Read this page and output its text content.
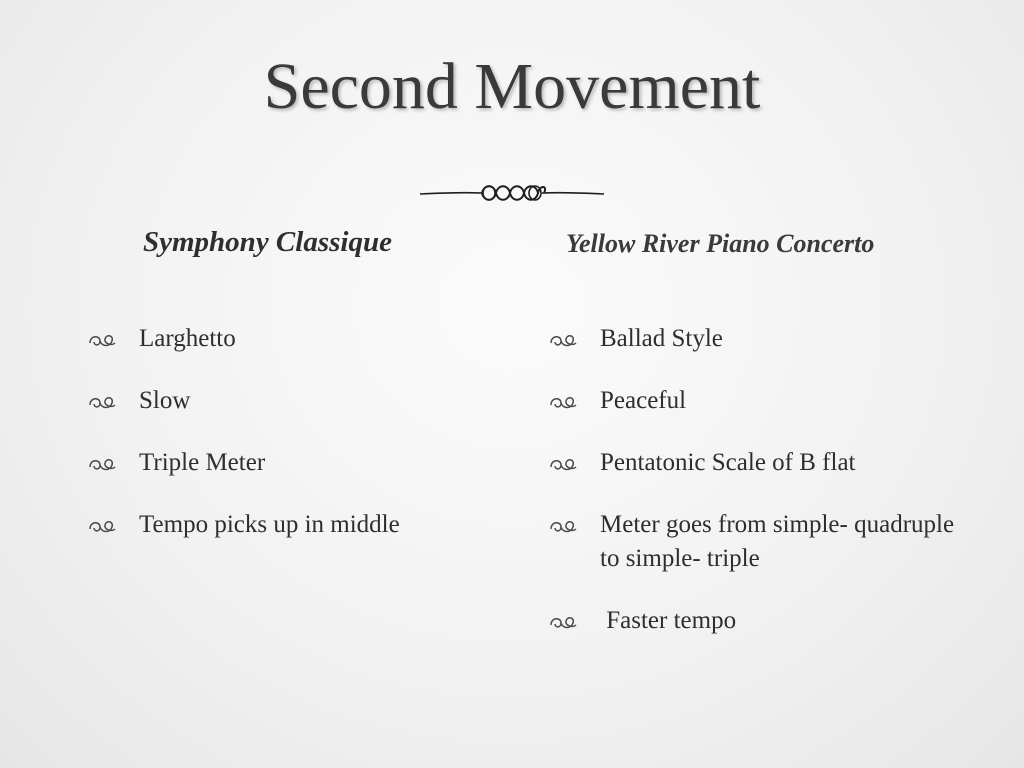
Second Movement
Symphony Classique	Yellow River Piano Concerto
Larghetto
Slow
Triple Meter
Tempo picks up in middle
Ballad Style
Peaceful
Pentatonic Scale of B flat
Meter goes from simple- quadruple to simple- triple
Faster tempo
